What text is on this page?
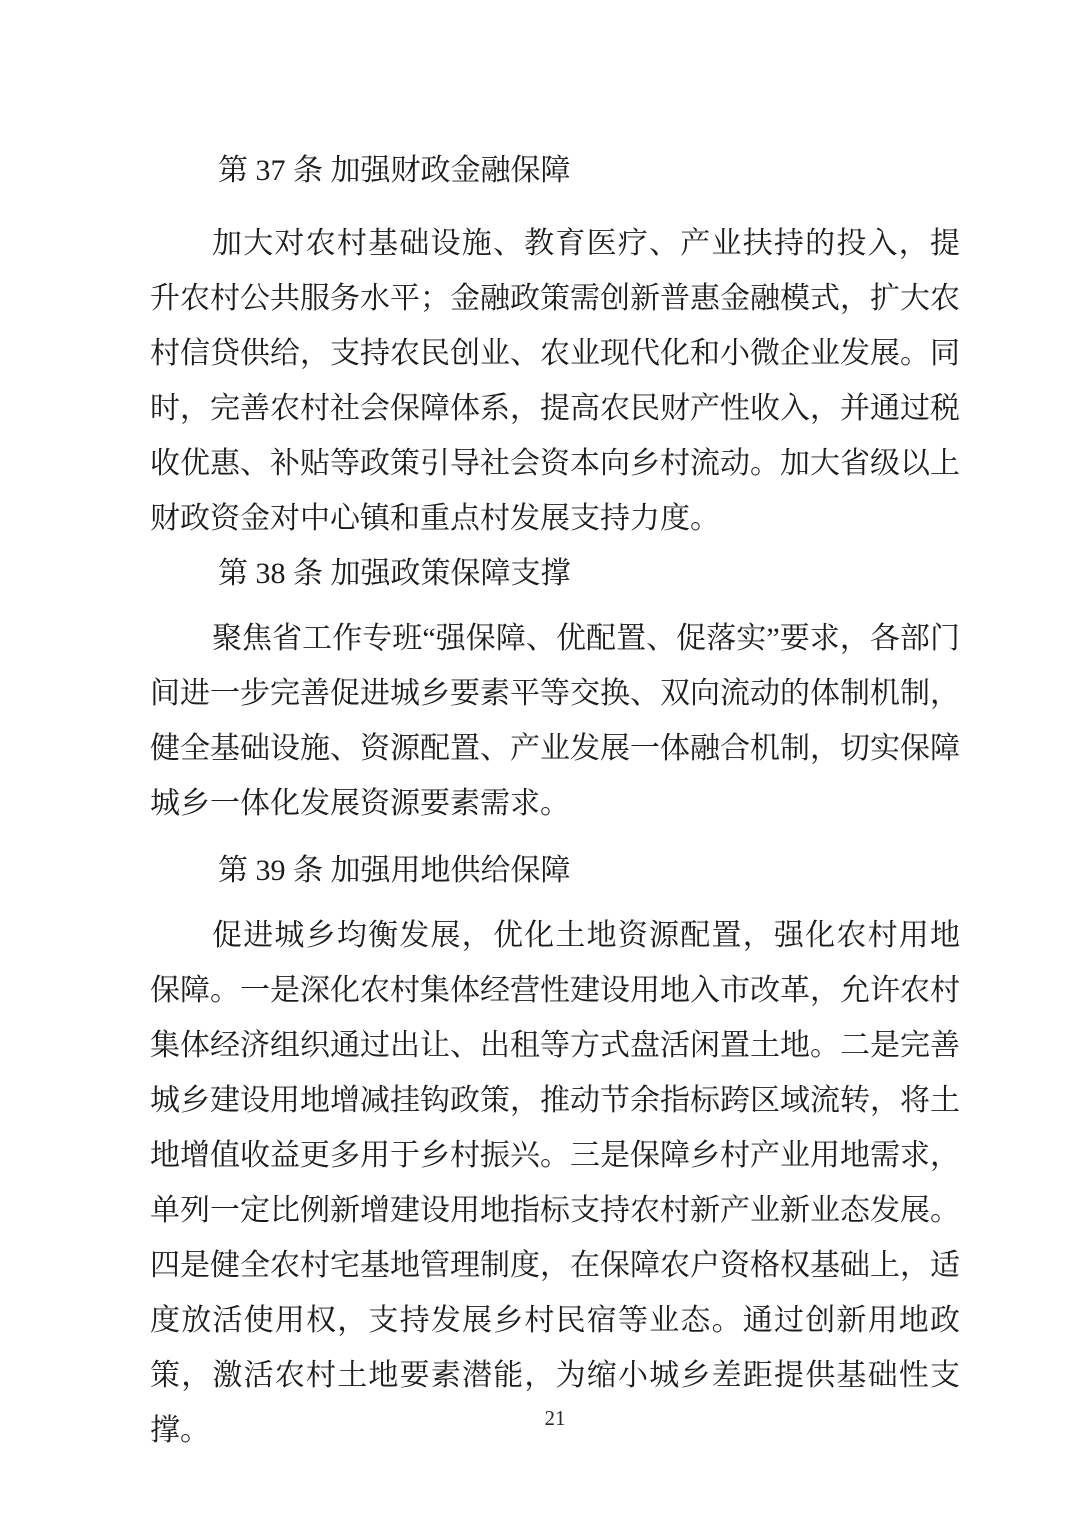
第 37 条 加强财政金融保障

加大对农村基础设施、教育医疗、产业扶持的投入，提升农村公共服务水平；金融政策需创新普惠金融模式，扩大农村信贷供给，支持农民创业、农业现代化和小微企业发展。同时，完善农村社会保障体系，提高农民财产性收入，并通过税收优惠、补贴等政策引导社会资本向乡村流动。加大省级以上财政资金对中心镇和重点村发展支持力度。

第 38 条 加强政策保障支撑

聚焦省工作专班“强保障、优配置、促落实”要求，各部门间进一步完善促进城乡要素平等交换、双向流动的体制机制，健全基础设施、资源配置、产业发展一体融合机制，切实保障城乡一体化发展资源要素需求。

第 39 条 加强用地供给保障

促进城乡均衡发展，优化土地资源配置，强化农村用地保障。一是深化农村集体经营性建设用地入市改革，允许农村集体经济组织通过出让、出租等方式盘活闲置土地。二是完善城乡建设用地增减挂钩政策，推动节余指标跨区域流转，将土地增值收益更多用于乡村振兴。三是保障乡村产业用地需求，单列一定比例新增建设用地指标支持农村新产业新业态发展。四是健全农村宅基地管理制度，在保障农户资格权基础上，适度放活使用权，支持发展乡村民宿等业态。通过创新用地政策，激活农村土地要素潜能，为缩小城乡差距提供基础性支撑。	21
